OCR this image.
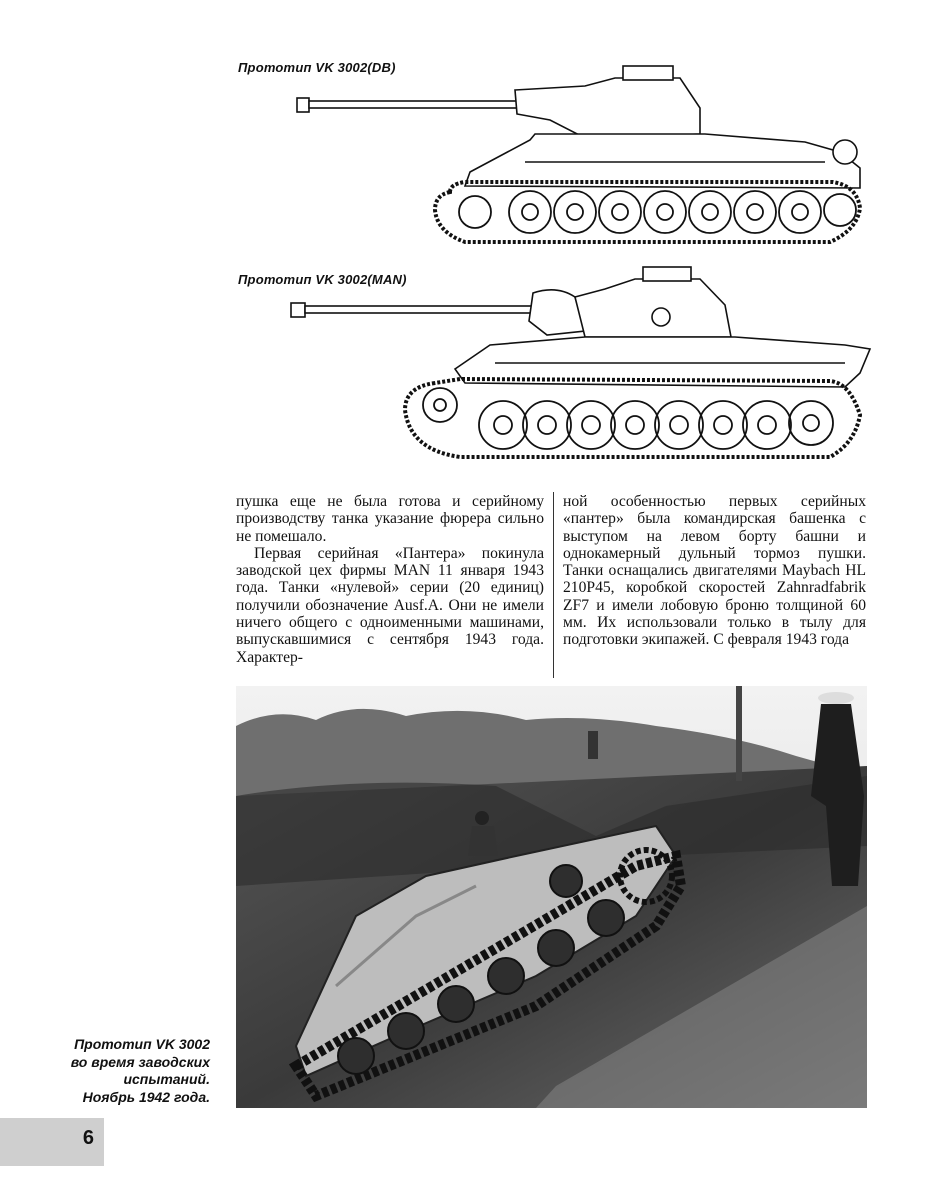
Прототип VK 3002(DB)
Прототип VK 3002(MAN)

пушка еще не была готова и серийному производству танка указание фюрера сильно не помешало.

Первая серийная «Пантера» покинула заводской цех фирмы MAN 11 января 1943 года. Танки «нулевой» серии (20 единиц) получили обозначение Ausf.A. Они не имели ничего общего с одноименными машинами, выпускавшимися с сентября 1943 года. Характер-

ной особенностью первых серийных «пантер» была командирская башенка с выступом на левом борту башни и однокамерный дульный тормоз пушки. Танки оснащались двигателями Maybach HL 210P45, коробкой скоростей Zahnradfabrik ZF7 и имели лобовую броню толщиной 60 мм. Их использовали только в тылу для подготовки экипажей. С февраля 1943 года

Прототип VK 3002
во время заводских
испытаний.
Ноябрь 1942 года.
6
